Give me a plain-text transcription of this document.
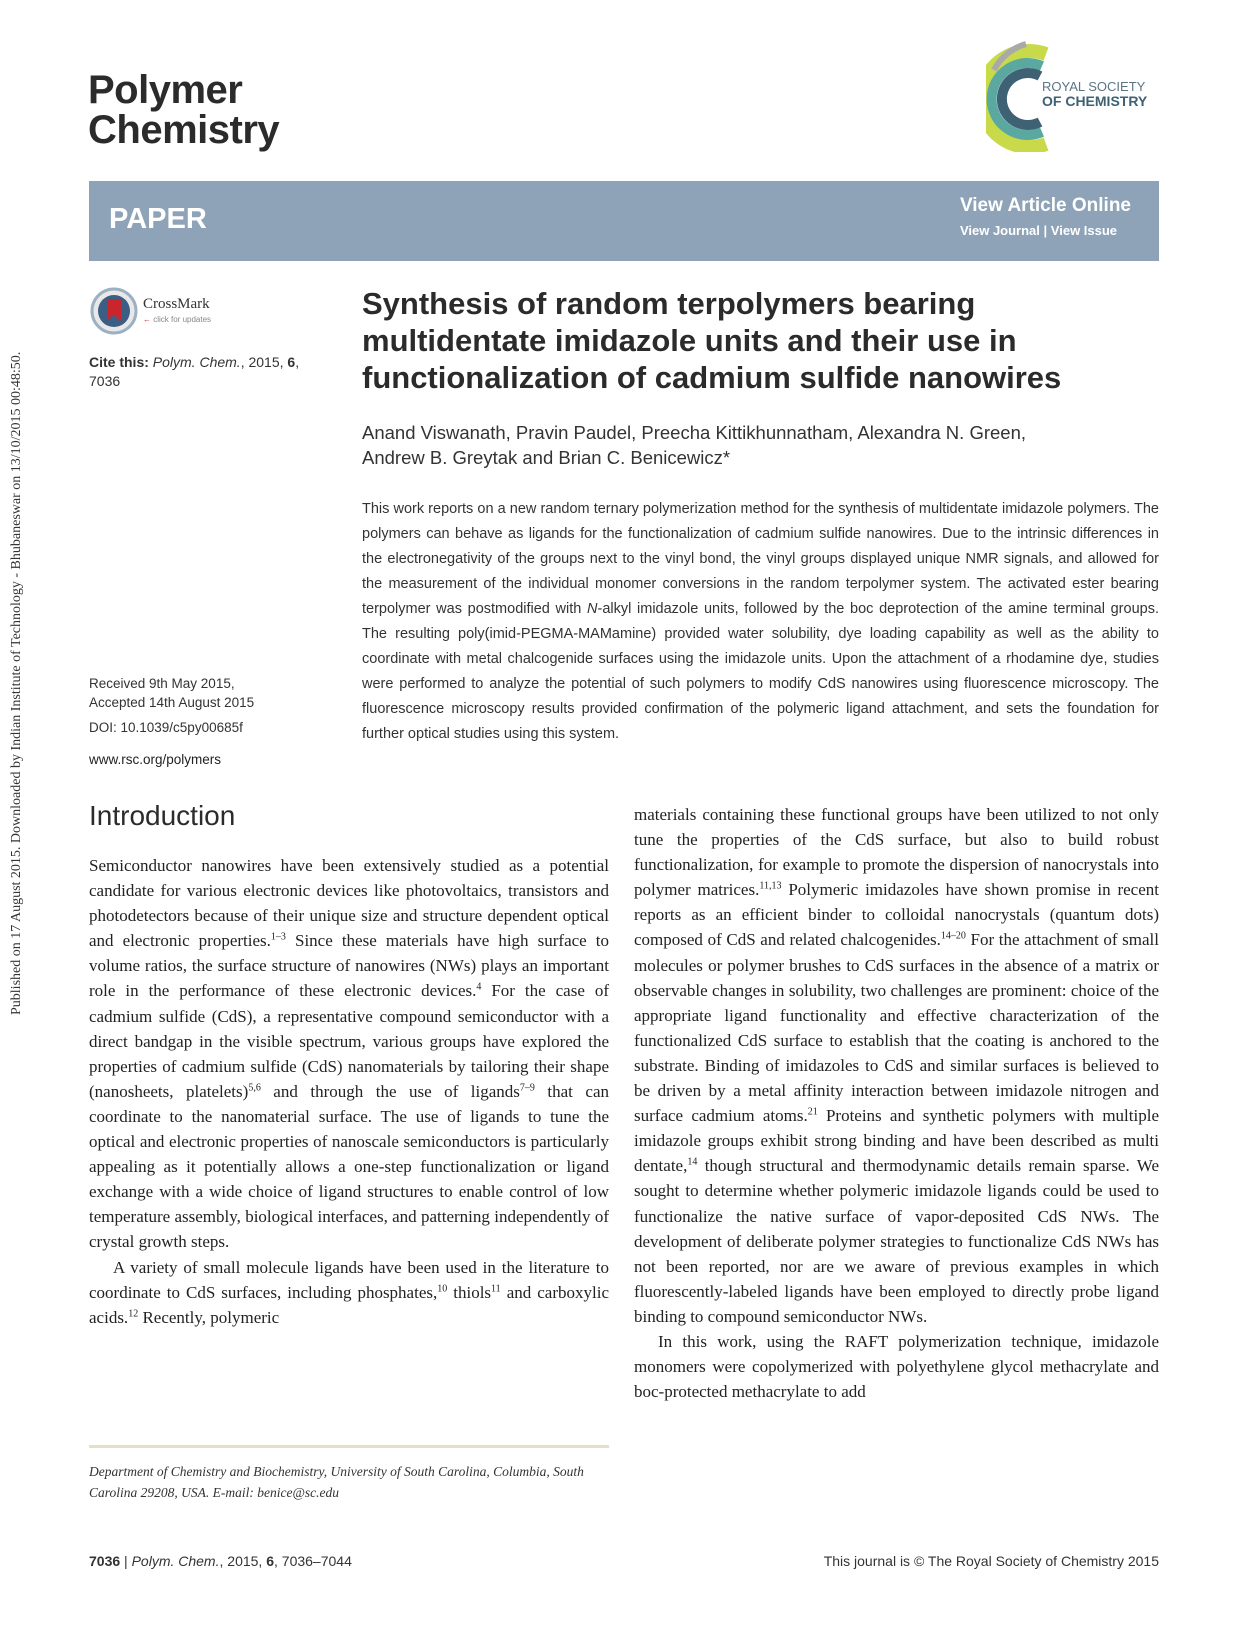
Published on 17 August 2015. Downloaded by Indian Institute of Technology - Bhubaneswar on 13/10/2015 00:48:50.
Polymer
Chemistry
ROYAL SOCIETY
OF CHEMISTRY
PAPER	View Article Online
View Journal | View Issue
CrossMark
← click for updates
Cite this: Polym. Chem., 2015, 6, 7036
Synthesis of random terpolymers bearing multidentate imidazole units and their use in functionalization of cadmium sulfide nanowires
Anand Viswanath, Pravin Paudel, Preecha Kittikhunnatham, Alexandra N. Green,
Andrew B. Greytak and Brian C. Benicewicz*
This work reports on a new random ternary polymerization method for the synthesis of multidentate imidazole polymers. The polymers can behave as ligands for the functionalization of cadmium sulfide nanowires. Due to the intrinsic differences in the electronegativity of the groups next to the vinyl bond, the vinyl groups displayed unique NMR signals, and allowed for the measurement of the individual monomer conversions in the random terpolymer system. The activated ester bearing terpolymer was postmodified with N-alkyl imidazole units, followed by the boc deprotection of the amine terminal groups. The resulting poly(imid-PEGMA-MAMamine) provided water solubility, dye loading capability as well as the ability to coordinate with metal chalcogenide surfaces using the imidazole units. Upon the attachment of a rhodamine dye, studies were performed to analyze the potential of such polymers to modify CdS nanowires using fluorescence microscopy. The fluorescence microscopy results provided confirmation of the polymeric ligand attachment, and sets the foundation for further optical studies using this system.
Received 9th May 2015,
Accepted 14th August 2015
DOI: 10.1039/c5py00685f
www.rsc.org/polymers
Introduction

Semiconductor nanowires have been extensively studied as a potential candidate for various electronic devices like photovoltaics, transistors and photodetectors because of their unique size and structure dependent optical and electronic properties.$^{1-3}$ Since these materials have high surface to volume ratios, the surface structure of nanowires (NWs) plays an important role in the performance of these electronic devices.$^4$ For the case of cadmium sulfide (CdS), a representative compound semiconductor with a direct bandgap in the visible spectrum, various groups have explored the properties of cadmium sulfide (CdS) nanomaterials by tailoring their shape (nanosheets, platelets)$^{5,6}$ and through the use of ligands$^{7-9}$ that can coordinate to the nanomaterial surface. The use of ligands to tune the optical and electronic properties of nanoscale semiconductors is particularly appealing as it potentially allows a one-step functionalization or ligand exchange with a wide choice of ligand structures to enable control of low temperature assembly, biological interfaces, and patterning independently of crystal growth steps.

A variety of small molecule ligands have been used in the literature to coordinate to CdS surfaces, including phosphates,$^{10}$ thiols$^{11}$ and carboxylic acids.$^{12}$ Recently, polymeric

materials containing these functional groups have been utilized to not only tune the properties of the CdS surface, but also to build robust functionalization, for example to promote the dispersion of nanocrystals into polymer matrices.$^{11,13}$ Polymeric imidazoles have shown promise in recent reports as an efficient binder to colloidal nanocrystals (quantum dots) composed of CdS and related chalcogenides.$^{14-20}$ For the attachment of small molecules or polymer brushes to CdS surfaces in the absence of a matrix or observable changes in solubility, two challenges are prominent: choice of the appropriate ligand functionality and effective characterization of the functionalized CdS surface to establish that the coating is anchored to the substrate. Binding of imidazoles to CdS and similar surfaces is believed to be driven by a metal affinity interaction between imidazole nitrogen and surface cadmium atoms.$^{21}$ Proteins and synthetic polymers with multiple imidazole groups exhibit strong binding and have been described as multi dentate,$^{14}$ though structural and thermodynamic details remain sparse. We sought to determine whether polymeric imidazole ligands could be used to functionalize the native surface of vapor-deposited CdS NWs. The development of deliberate polymer strategies to functionalize CdS NWs has not been reported, nor are we aware of previous examples in which fluorescently-labeled ligands have been employed to directly probe ligand binding to compound semiconductor NWs.

In this work, using the RAFT polymerization technique, imidazole monomers were copolymerized with polyethylene glycol methacrylate and boc-protected methacrylate to add

Department of Chemistry and Biochemistry, University of South Carolina, Columbia, South Carolina 29208, USA. E-mail: benice@sc.edu
7036 | Polym. Chem., 2015, 6, 7036–7044	This journal is © The Royal Society of Chemistry 2015
